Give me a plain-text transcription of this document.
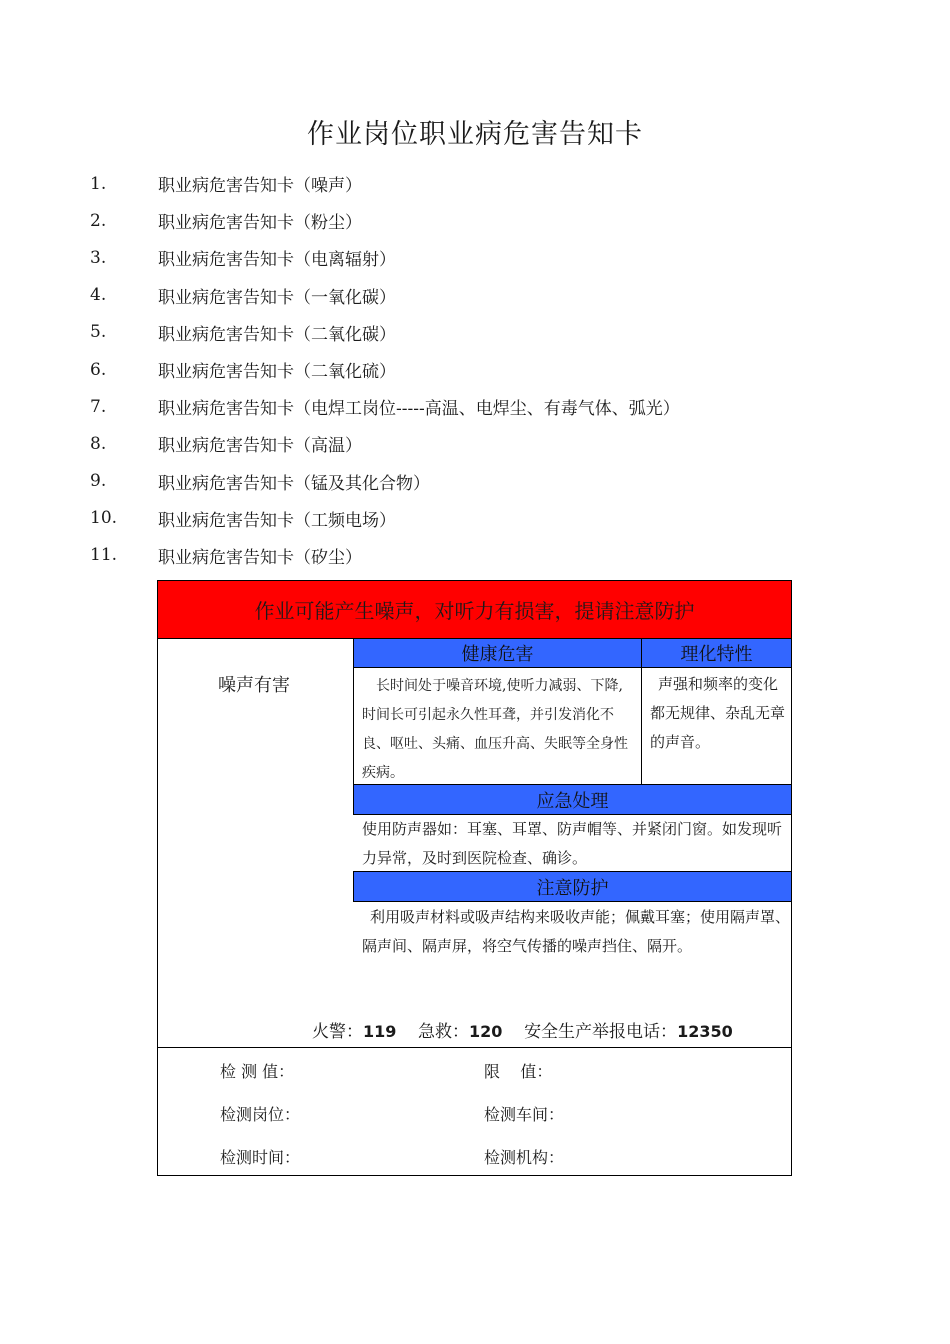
作业岗位职业病危害告知卡
1.	职业病危害告知卡（噪声）
2.	职业病危害告知卡（粉尘）
3.	职业病危害告知卡（电离辐射）
4.	职业病危害告知卡（一氧化碳）
5.	职业病危害告知卡（二氧化碳）
6.	职业病危害告知卡（二氧化硫）
7.	职业病危害告知卡（电焊工岗位-----高温、电焊尘、有毒气体、弧光）
8.	职业病危害告知卡（高温）
9.	职业病危害告知卡（锰及其化合物）
10.	职业病危害告知卡（工频电场）
11.	职业病危害告知卡（矽尘）
作业可能产生噪声，对听力有损害，提请注意防护
噪声有害
健康危害	理化特性
长时间处于噪音环境,使听力减弱、下降,时间长可引起永久性耳聋，并引发消化不良、呕吐、头痛、血压升高、失眠等全身性疾病。
声强和频率的变化都无规律、杂乱无章的声音。
应急处理
使用防声器如：耳塞、耳罩、防声帽等、并紧闭门窗。如发现听力异常，及时到医院检查、确诊。
注意防护
利用吸声材料或吸声结构来吸收声能；佩戴耳塞；使用隔声罩、隔声间、隔声屏，将空气传播的噪声挡住、隔开。
火警：119 急救：120 安全生产举报电话：12350
检 测 值：	限    值：
检测岗位：	检测车间：
检测时间：	检测机构：
